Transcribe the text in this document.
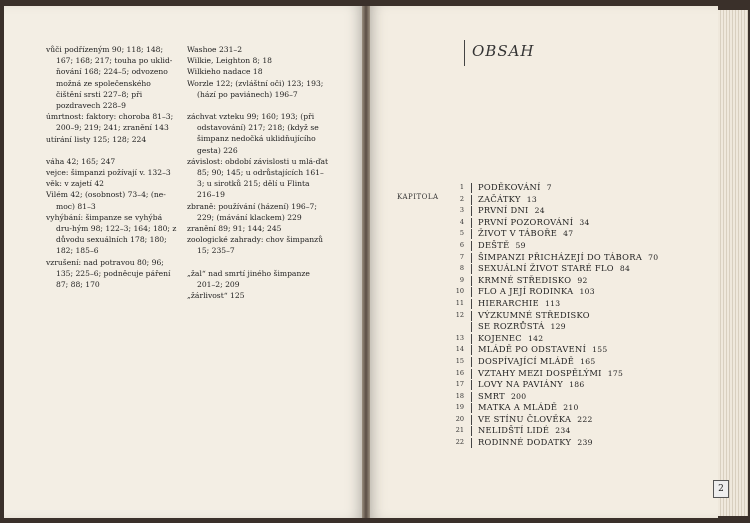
vůči podřízeným 90; 118; 148; 167; 168; 217; touha po uklid-ňování 168; 224–5; odvozeno možná ze společenského čištění srsti 227–8; při pozdravech 228–9
úmrtnost: faktory: choroba 81–3; 200–9; 219; 241; zranění 143
utírání listy 125; 128; 224
váha 42; 165; 247
vejce: šimpanzi požívají v. 132–3
věk: v zajetí 42
Vilém 42; (osobnost) 73–4; (ne-moc) 81–3
vyhýbání: šimpanze se vyhýbá dru-hým 98; 122–3; 164; 180; z důvodu sexuálních 178; 180; 182; 185–6
vzrušení: nad potravou 80; 96; 135; 225–6; podněcuje páření 87; 88; 170
Washoe 231–2
Wilkie, Leighton 8; 18
Wilkieho nadace 18
Worzle 122; (zvláštní oči) 123; 193; (hází po paviánech) 196–7
záchvat vzteku 99; 160; 193; (při odstavování) 217; 218; (když se šimpanz nedočká uklidňujícího gesta) 226
závislost: období závislosti u mlá-ďat 85; 90; 145; u odrůstajících 161–3; u sirotků 215; dělí u Flinta 216–19
zbraně: používání (házení) 196–7; 229; (mávání klackem) 229
zranění 89; 91; 144; 245
zoologické zahrady: chov šimpanzů 15; 235–7
„žal“ nad smrtí jiného šimpanze 201–2; 209
„žárlivost“ 125
OBSAH
KAPITOLA
1 PODĚKOVÁNÍ 7
2 ZAČÁTKY 13
3 PRVNÍ DNI 24
4 PRVNÍ POZOROVÁNÍ 34
5 ŽIVOT V TÁBOŘE 47
6 DEŠTĚ 59
7 ŠIMPANZI PŘICHÁZEJÍ DO TÁBORA 70
8 SEXUÁLNÍ ŽIVOT STARÉ FLO 84
9 KRMNÉ STŘEDISKO 92
10 FLO A JEJÍ RODINKA 103
11 HIERARCHIE 113
12 VÝZKUMNÉ STŘEDISKO
SE ROZRŮSTÁ 129
13 KOJENEC 142
14 MLÁDĚ PO ODSTAVENÍ 155
15 DOSPÍVAJÍCÍ MLÁDĚ 165
16 VZTAHY MEZI DOSPĚLÝMI 175
17 LOVY NA PAVIÁNY 186
18 SMRT 200
19 MATKA A MLÁDĚ 210
20 VE STÍNU ČLOVĚKA 222
21 NELIDŠTÍ LIDÉ 234
22 RODINNÉ DODATKY 239
2
